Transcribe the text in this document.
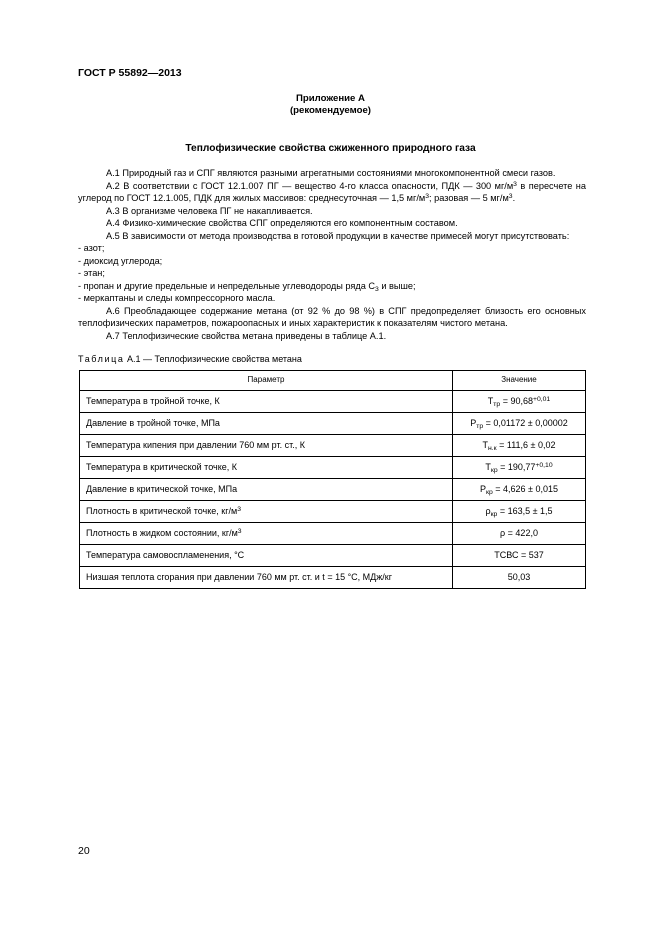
ГОСТ Р 55892—2013
Приложение А
(рекомендуемое)
Теплофизические свойства сжиженного природного газа

А.1 Природный газ и СПГ являются разными агрегатными состояниями многокомпонентной смеси газов.

А.2 В соответствии с ГОСТ 12.1.007 ПГ — вещество 4-го класса опасности, ПДК — 300 $мг/м^3$ в пересчете на углерод по ГОСТ 12.1.005, ПДК для жилых массивов: среднесуточная — 1,5 $мг/м^3$; разовая — 5 $мг/м^3$.

А.3 В организме человека ПГ не накапливается.

А.4 Физико-химические свойства СПГ определяются его компонентным составом.

А.5 В зависимости от метода производства в готовой продукции в качестве примесей могут присутствовать:

- азот;

- диоксид углерода;

- этан;

- пропан и другие предельные и непредельные углеводороды ряда $С_3$ и выше;

- меркаптаны и следы компрессорного масла.

А.6 Преобладающее содержание метана (от 92 % до 98 %) в СПГ предопределяет близость его основных теплофизических параметров, пожароопасных и иных характеристик к показателям чистого метана.

А.7 Теплофизические свойства метана приведены в таблице А.1.

Таблица А.1 — Теплофизические свойства метана
Параметр	Значение
Температура в тройной точке, К	$Т_{тр} = 90,68^{+0,01}$
Давление в тройной точке, МПа	$Р_{тр} = 0,01172 \pm 0,00002$
Температура кипения при давлении 760 мм рт. ст., К	$Т_{н.к} = 111,6 \pm 0,02$
Температура в критической точке, К	$Т_{кр} = 190,77^{+0,10}$
Давление в критической точке, МПа	$Р_{кр} = 4,626 \pm 0,015$
Плотность в критической точке, $кг/м^3$	$\rho_{кр} = 163,5 \pm 1,5$
Плотность в жидком состоянии, $кг/м^3$	ρ = 422,0
Температура самовоспламенения, °С	ТСВС = 537
Низшая теплота сгорания при давлении 760 мм рт. ст. и t = 15 °С, МДж/кг	50,03
20
